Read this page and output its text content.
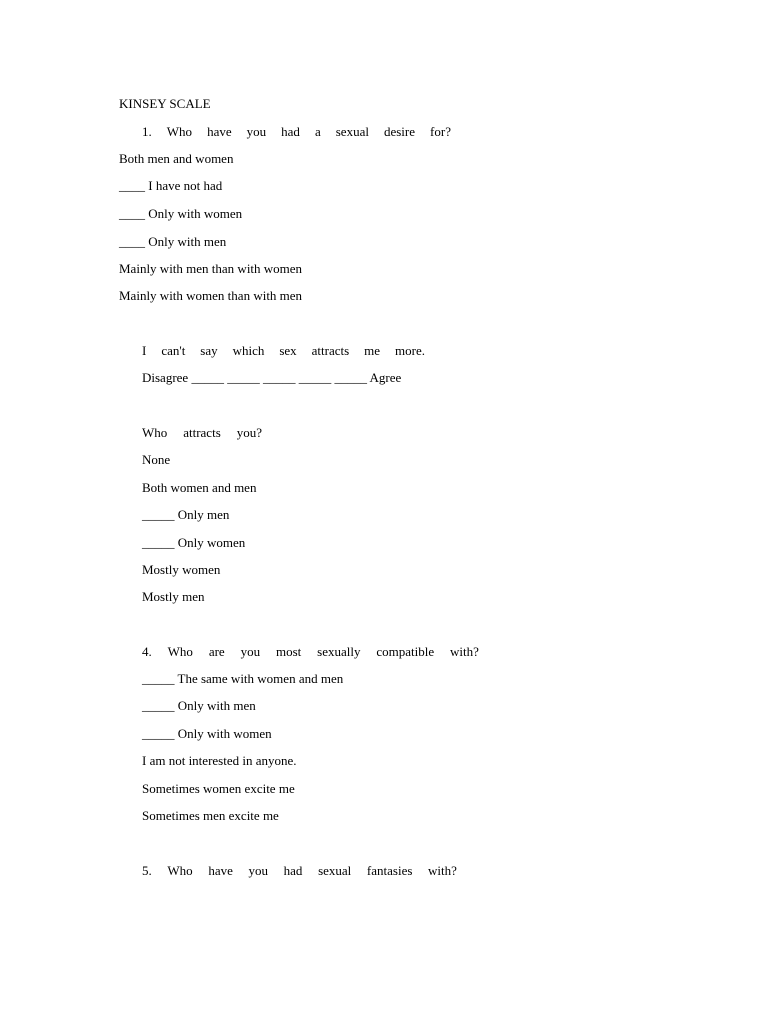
KINSEY SCALE
1. Who have you had a sexual desire for?
Both men and women
____ I have not had
____ Only with women
____ Only with men
Mainly with men than with women
Mainly with women than with men
I can't say which sex attracts me more.
Disagree _____ _____ _____ _____ _____ Agree
Who attracts you?
None
Both women and men
_____ Only men
_____ Only women
Mostly women
Mostly men
4. Who are you most sexually compatible with?
_____ The same with women and men
_____ Only with men
_____ Only with women
I am not interested in anyone.
Sometimes women excite me
Sometimes men excite me
5. Who have you had sexual fantasies with?
